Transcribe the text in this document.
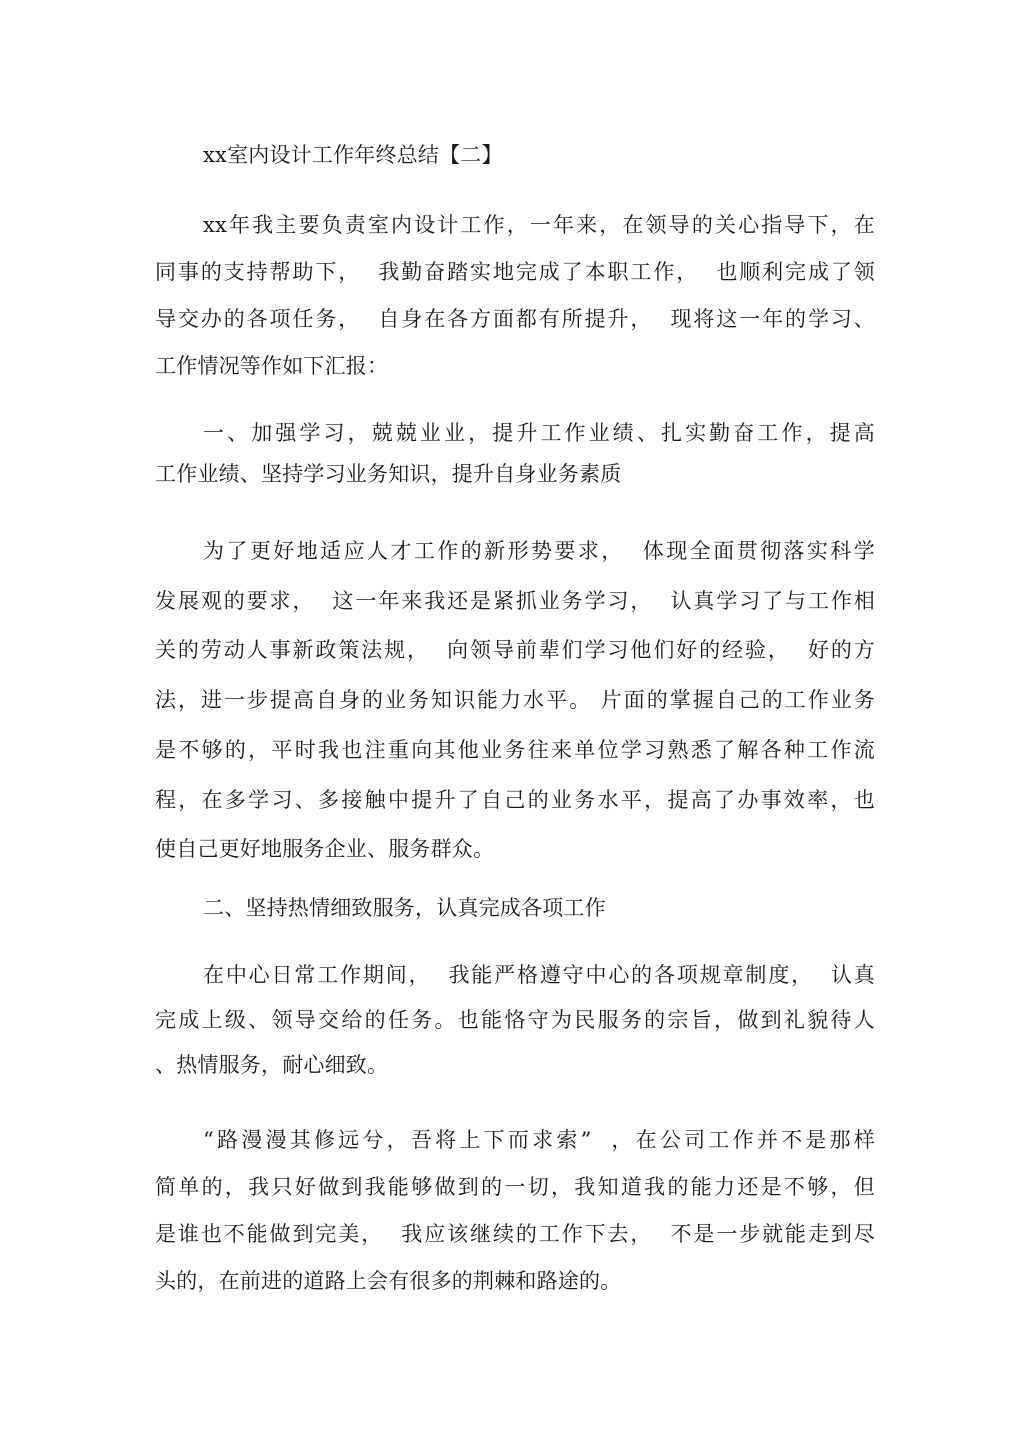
xx室内设计工作年终总结【二】
xx年我主要负责室内设计工作，一年来，在领导的关心指导下，在
同事的支持帮助下，  我勤奋踏实地完成了本职工作，  也顺利完成了领
导交办的各项任务，  自身在各方面都有所提升，  现将这一年的学习、
工作情况等作如下汇报：
一、加强学习，兢兢业业，提升工作业绩、扎实勤奋工作，提高
工作业绩、坚持学习业务知识，提升自身业务素质
为了更好地适应人才工作的新形势要求，  体现全面贯彻落实科学
发展观的要求，  这一年来我还是紧抓业务学习，  认真学习了与工作相
关的劳动人事新政策法规，  向领导前辈们学习他们好的经验，  好的方
法，进一步提高自身的业务知识能力水平。 片面的掌握自己的工作业务
是不够的，平时我也注重向其他业务往来单位学习熟悉了解各种工作流
程，在多学习、多接触中提升了自己的业务水平，提高了办事效率，也
使自己更好地服务企业、服务群众。
二、坚持热情细致服务，认真完成各项工作
在中心日常工作期间，  我能严格遵守中心的各项规章制度，  认真
完成上级、领导交给的任务。也能恪守为民服务的宗旨，做到礼貌待人
、热情服务，耐心细致。
“路漫漫其修远兮，吾将上下而求索”  ，在公司工作并不是那样
简单的，我只好做到我能够做到的一切，我知道我的能力还是不够，但
是谁也不能做到完美，  我应该继续的工作下去，  不是一步就能走到尽
头的，在前进的道路上会有很多的荆棘和路途的。
